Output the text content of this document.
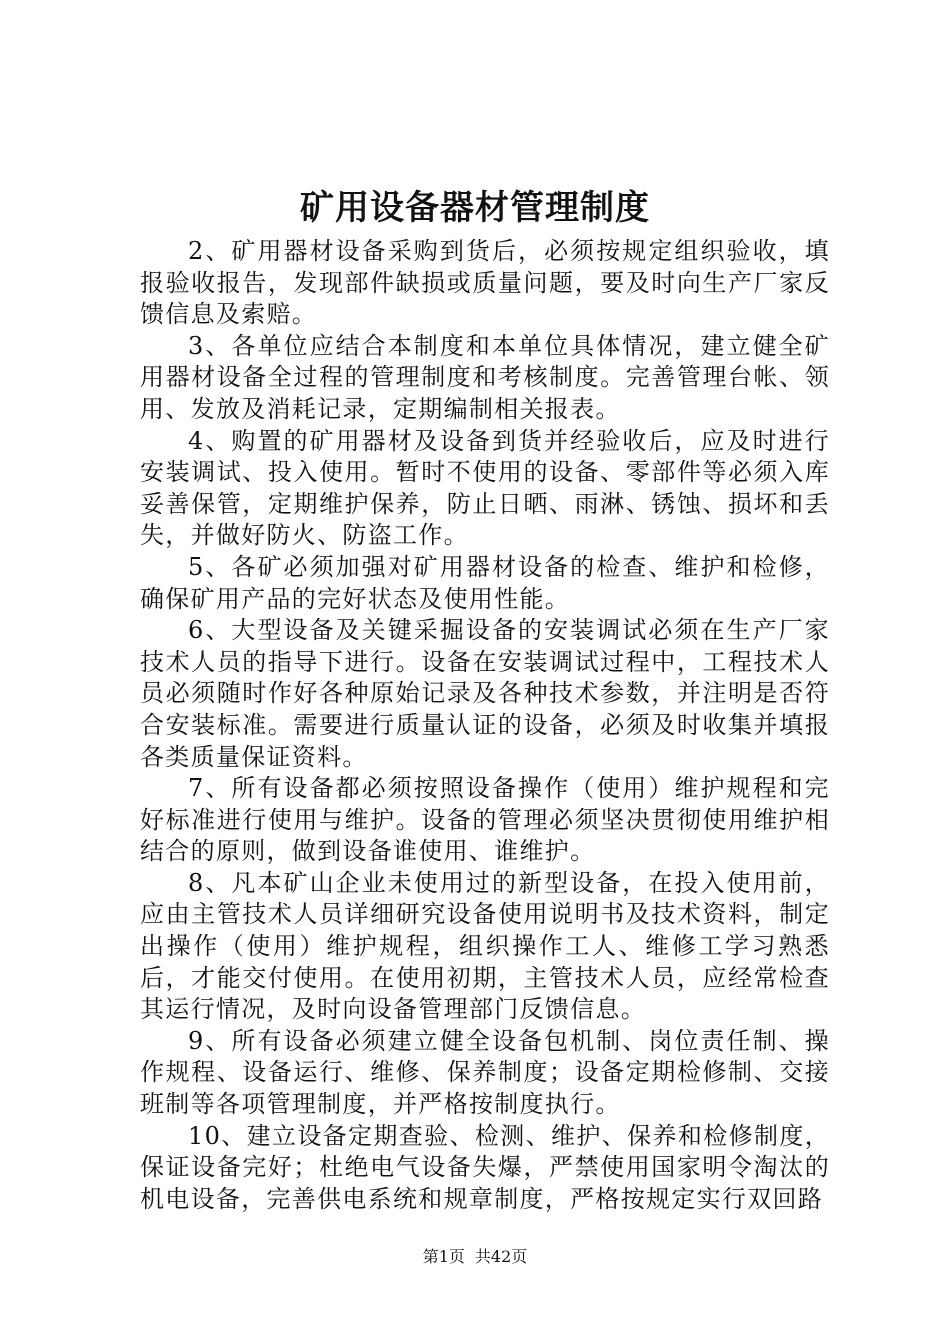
矿用设备器材管理制度

2、矿用器材设备采购到货后，必须按规定组织验收，填报验收报告，发现部件缺损或质量问题，要及时向生产厂家反馈信息及索赔。

3、各单位应结合本制度和本单位具体情况，建立健全矿用器材设备全过程的管理制度和考核制度。完善管理台帐、领用、发放及消耗记录，定期编制相关报表。

4、购置的矿用器材及设备到货并经验收后，应及时进行安装调试、投入使用。暂时不使用的设备、零部件等必须入库妥善保管，定期维护保养，防止日晒、雨淋、锈蚀、损坏和丢失，并做好防火、防盗工作。

5、各矿必须加强对矿用器材设备的检查、维护和检修，确保矿用产品的完好状态及使用性能。

6、大型设备及关键采掘设备的安装调试必须在生产厂家技术人员的指导下进行。设备在安装调试过程中，工程技术人员必须随时作好各种原始记录及各种技术参数，并注明是否符合安装标准。需要进行质量认证的设备，必须及时收集并填报各类质量保证资料。

7、所有设备都必须按照设备操作（使用）维护规程和完好标准进行使用与维护。设备的管理必须坚决贯彻使用维护相结合的原则，做到设备谁使用、谁维护。

8、凡本矿山企业未使用过的新型设备，在投入使用前，应由主管技术人员详细研究设备使用说明书及技术资料，制定出操作（使用）维护规程，组织操作工人、维修工学习熟悉后，才能交付使用。在使用初期，主管技术人员，应经常检查其运行情况，及时向设备管理部门反馈信息。

9、所有设备必须建立健全设备包机制、岗位责任制、操作规程、设备运行、维修、保养制度；设备定期检修制、交接班制等各项管理制度，并严格按制度执行。

10、建立设备定期查验、检测、维护、保养和检修制度，保证设备完好；杜绝电气设备失爆，严禁使用国家明令淘汰的机电设备，完善供电系统和规章制度，严格按规定实行双回路

第1页 共42页
